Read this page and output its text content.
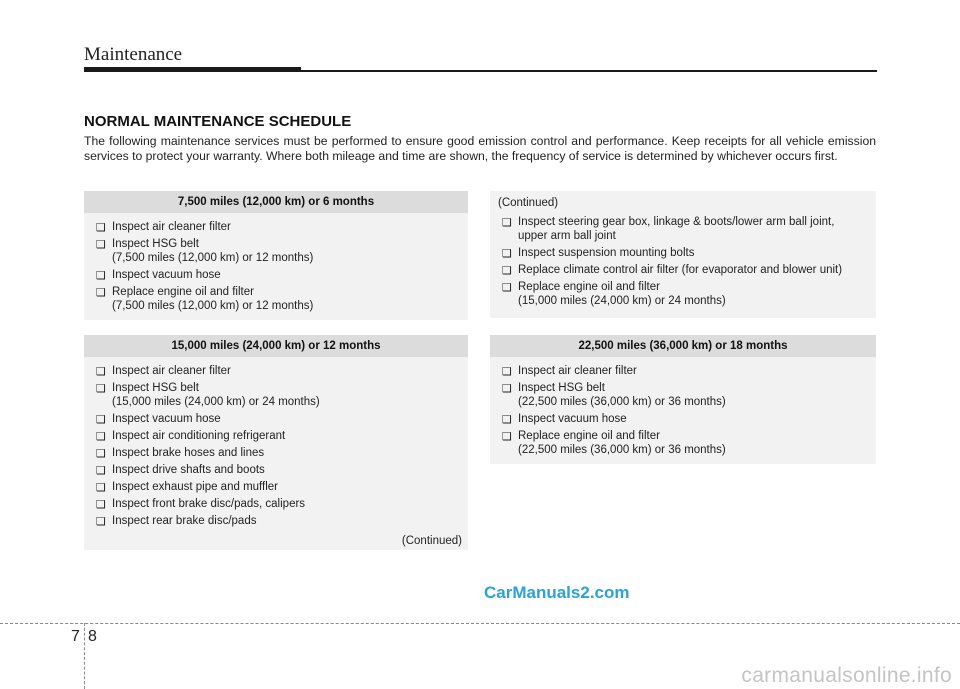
Maintenance
NORMAL MAINTENANCE SCHEDULE
The following maintenance services must be performed to ensure good emission control and performance. Keep receipts for all vehicle emission services to protect your warranty. Where both mileage and time are shown, the frequency of service is determined by whichever occurs first.
7,500 miles (12,000 km) or 6 months
❑ Inspect air cleaner filter
❑ Inspect HSG belt
(7,500 miles (12,000 km) or 12 months)
❑ Inspect vacuum hose
❑ Replace engine oil and filter
(7,500 miles (12,000 km) or 12 months)
(Continued)
❑ Inspect steering gear box, linkage & boots/lower arm ball joint,
upper arm ball joint
❑ Inspect suspension mounting bolts
❑ Replace climate control air filter (for evaporator and blower unit)
❑ Replace engine oil and filter
(15,000 miles (24,000 km) or 24 months)
15,000 miles (24,000 km) or 12 months
❑ Inspect air cleaner filter
❑ Inspect HSG belt
(15,000 miles (24,000 km) or 24 months)
❑ Inspect vacuum hose
❑ Inspect air conditioning refrigerant
❑ Inspect brake hoses and lines
❑ Inspect drive shafts and boots
❑ Inspect exhaust pipe and muffler
❑ Inspect front brake disc/pads, calipers
❑ Inspect rear brake disc/pads
(Continued)
22,500 miles (36,000 km) or 18 months
❑ Inspect air cleaner filter
❑ Inspect HSG belt
(22,500 miles (36,000 km) or 36 months)
❑ Inspect vacuum hose
❑ Replace engine oil and filter
(22,500 miles (36,000 km) or 36 months)
CarManuals2.com
7 8
carmanualsonline.info
